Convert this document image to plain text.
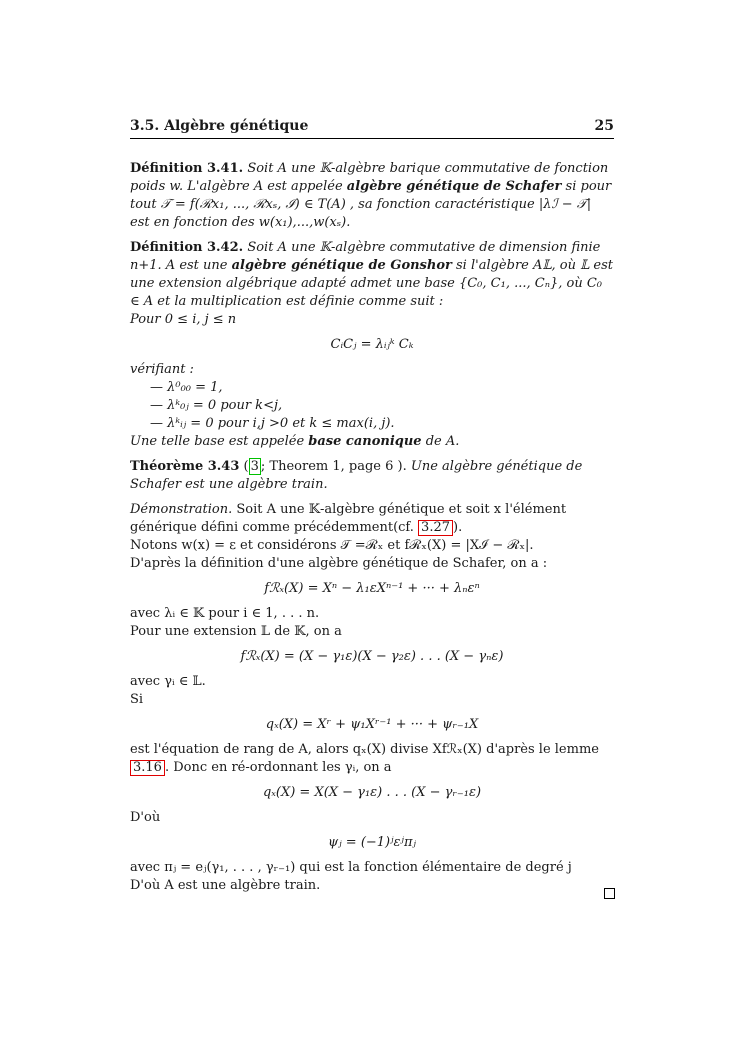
3.5. Algèbre génétique	25

Définition 3.41. Soit A une 𝕂-algèbre barique commutative de fonction poids w. L'algèbre A est appelée algèbre génétique de Schafer si pour tout 𝒯 = f(ℛx₁, ..., ℛxₛ, ℐ) ∈ T(A) , sa fonction caractéristique |λℐ − 𝒯| est en fonction des w(x₁),...,w(xₛ).

Définition 3.42. Soit A une 𝕂-algèbre commutative de dimension finie n+1. A est une algèbre génétique de Gonshor si l'algèbre A𝕃, où 𝕃 est une extension algébrique adapté admet une base {C₀, C₁, ..., Cₙ}, où C₀ ∈ A et la multiplication est définie comme suit :

Pour 0 ≤ i, j ≤ n

CᵢCⱼ = λᵢⱼᵏ Cₖ

vérifiant :

— λ⁰₀₀ = 1,
— λᵏ₀ⱼ = 0 pour k<j,
— λᵏᵢⱼ = 0 pour i,j >0 et k ≤ max(i, j).

Une telle base est appelée base canonique de A.

Théorème 3.43 ( 3 ; Theorem 1, page 6 ). Une algèbre génétique de Schafer est une algèbre train.

Démonstration. Soit A une 𝕂-algèbre génétique et soit x l'élément générique défini comme précédemment(cf. 3.27 ).

Notons w(x) = ε et considérons 𝒯 =ℛₓ et fℛₓ(X) = |Xℐ − ℛₓ|.

D'après la définition d'une algèbre génétique de Schafer, on a :

fℛₓ(X) = Xⁿ − λ₁εXⁿ⁻¹ + ··· + λₙεⁿ

avec λᵢ ∈ 𝕂 pour i ∈ 1, . . . n.

Pour une extension 𝕃 de 𝕂, on a

fℛₓ(X) = (X − γ₁ε)(X − γ₂ε) . . . (X − γₙε)

avec γᵢ ∈ 𝕃.

Si

qₓ(X) = Xʳ + ψ₁Xʳ⁻¹ + ··· + ψᵣ₋₁X

est l'équation de rang de A, alors qₓ(X) divise Xfℛₓ(X) d'après le lemme 3.16 . Donc en ré-ordonnant les γᵢ, on a

qₓ(X) = X(X − γ₁ε) . . . (X − γᵣ₋₁ε)

D'où

ψⱼ = (−1)ʲεʲπⱼ

avec πⱼ = eⱼ(γ₁, . . . , γᵣ₋₁) qui est la fonction élémentaire de degré j

D'où A est une algèbre train.
